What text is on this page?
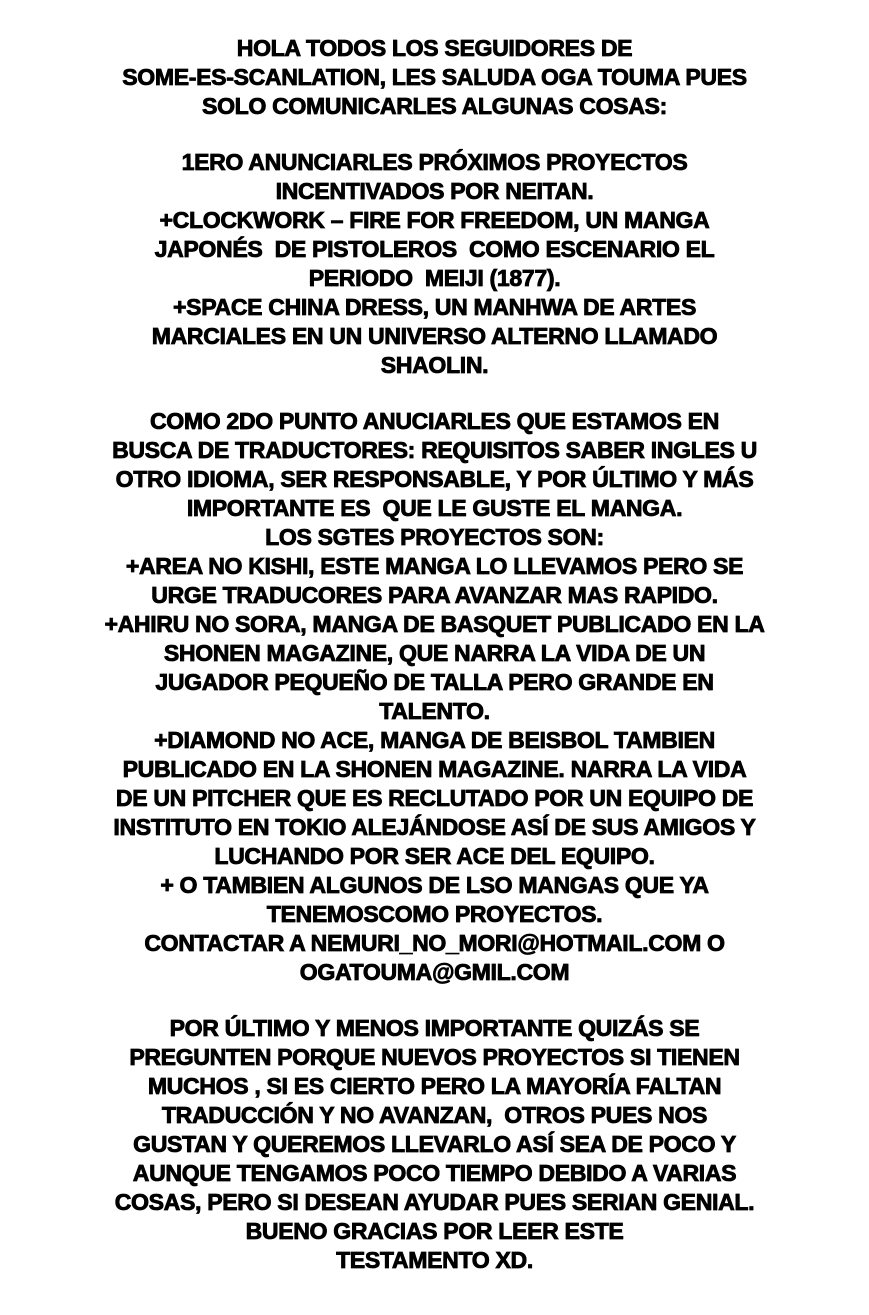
HOLA TODOS LOS SEGUIDORES DE
SOME-ES-SCANLATION, LES SALUDA OGA TOUMA PUES
SOLO COMUNICARLES ALGUNAS COSAS:
1ERO ANUNCIARLES PRÓXIMOS PROYECTOS
INCENTIVADOS POR NEITAN.
+CLOCKWORK – FIRE FOR FREEDOM, UN MANGA
JAPONÉS  DE PISTOLEROS  COMO ESCENARIO EL
PERIODO  MEIJI (1877).
+SPACE CHINA DRESS, UN MANHWA DE ARTES
MARCIALES EN UN UNIVERSO ALTERNO LLAMADO
SHAOLIN.
COMO 2DO PUNTO ANUCIARLES QUE ESTAMOS EN
BUSCA DE TRADUCTORES: REQUISITOS SABER INGLES U
OTRO IDIOMA, SER RESPONSABLE, Y POR ÚLTIMO Y MÁS
IMPORTANTE ES  QUE LE GUSTE EL MANGA.
LOS SGTES PROYECTOS SON:
+AREA NO KISHI, ESTE MANGA LO LLEVAMOS PERO SE
URGE TRADUCORES PARA AVANZAR MAS RAPIDO.
+AHIRU NO SORA, MANGA DE BASQUET PUBLICADO EN LA
SHONEN MAGAZINE, QUE NARRA LA VIDA DE UN
JUGADOR PEQUEÑO DE TALLA PERO GRANDE EN
TALENTO.
+DIAMOND NO ACE, MANGA DE BEISBOL TAMBIEN
PUBLICADO EN LA SHONEN MAGAZINE. NARRA LA VIDA
DE UN PITCHER QUE ES RECLUTADO POR UN EQUIPO DE
INSTITUTO EN TOKIO ALEJÁNDOSE ASÍ DE SUS AMIGOS Y
LUCHANDO POR SER ACE DEL EQUIPO.
+ O TAMBIEN ALGUNOS DE LSO MANGAS QUE YA
TENEMOSCOMO PROYECTOS.
CONTACTAR A NEMURI_NO_MORI@HOTMAIL.COM O
OGATOUMA@GMIL.COM
POR ÚLTIMO Y MENOS IMPORTANTE QUIZÁS SE
PREGUNTEN PORQUE NUEVOS PROYECTOS SI TIENEN
MUCHOS , SI ES CIERTO PERO LA MAYORÍA FALTAN
TRADUCCIÓN Y NO AVANZAN,  OTROS PUES NOS
GUSTAN Y QUEREMOS LLEVARLO ASÍ SEA DE POCO Y
AUNQUE TENGAMOS POCO TIEMPO DEBIDO A VARIAS
COSAS, PERO SI DESEAN AYUDAR PUES SERIAN GENIAL.
BUENO GRACIAS POR LEER ESTE
TESTAMENTO XD.
